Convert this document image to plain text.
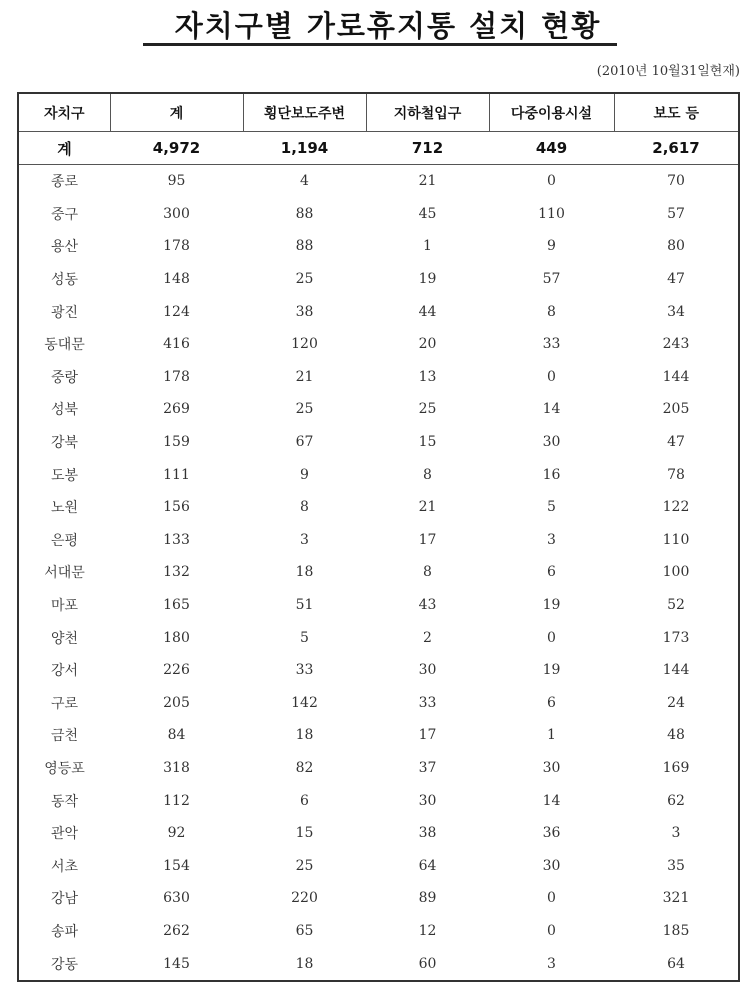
자치구별 가로휴지통 설치 현황
(2010년 10월31일현재)
자치구	계	횡단보도주변	지하철입구	다중이용시설	보도 등
계	4,972	1,194	712	449	2,617
종로	95	4	21	0	70
중구	300	88	45	110	57
용산	178	88	1	9	80
성동	148	25	19	57	47
광진	124	38	44	8	34
동대문	416	120	20	33	243
중랑	178	21	13	0	144
성북	269	25	25	14	205
강북	159	67	15	30	47
도봉	111	9	8	16	78
노원	156	8	21	5	122
은평	133	3	17	3	110
서대문	132	18	8	6	100
마포	165	51	43	19	52
양천	180	5	2	0	173
강서	226	33	30	19	144
구로	205	142	33	6	24
금천	84	18	17	1	48
영등포	318	82	37	30	169
동작	112	6	30	14	62
관악	92	15	38	36	3
서초	154	25	64	30	35
강남	630	220	89	0	321
송파	262	65	12	0	185
강동	145	18	60	3	64
